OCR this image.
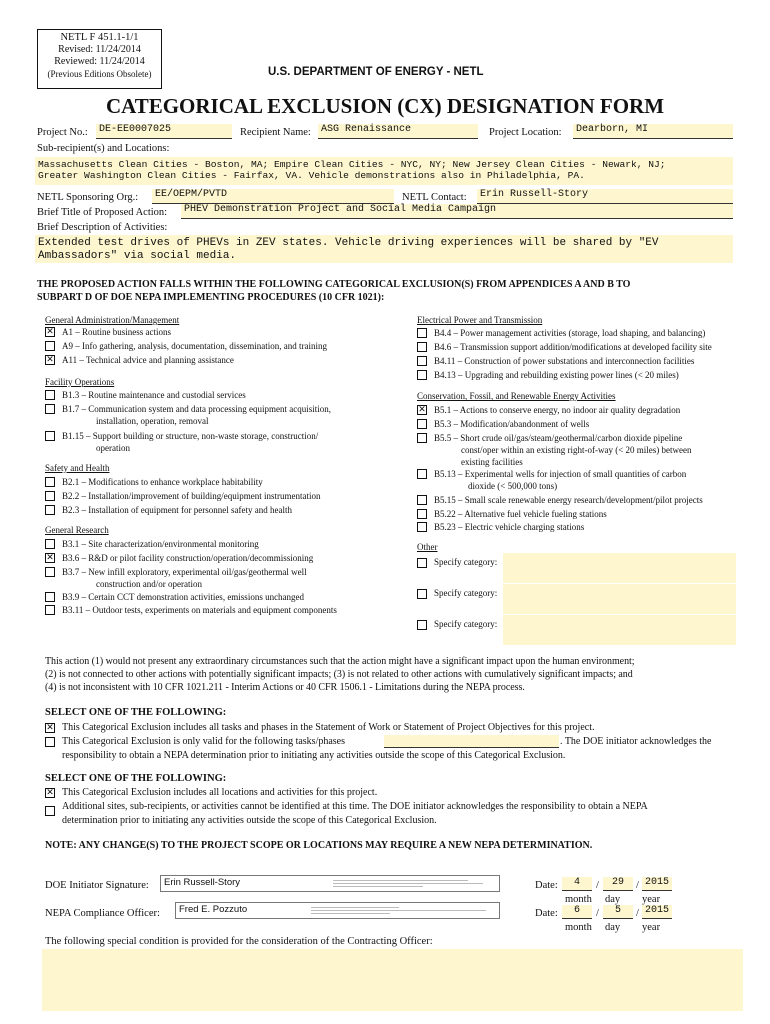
NETL F 451.1-1/1
Revised: 11/24/2014
Reviewed: 11/24/2014
(Previous Editions Obsolete)	U.S. DEPARTMENT OF ENERGY - NETL
CATEGORICAL EXCLUSION (CX) DESIGNATION FORM
Project No.:	DE-EE0007025	Recipient Name:	ASG Renaissance	Project Location:	Dearborn, MI
Sub-recipient(s) and Locations:
Massachusetts Clean Cities - Boston, MA; Empire Clean Cities - NYC, NY; New Jersey Clean Cities - Newark, NJ;
Greater Washington Clean Cities - Fairfax, VA. Vehicle demonstrations also in Philadelphia, PA.
NETL Sponsoring Org.:	EE/OEPM/PVTD	NETL Contact:	Erin Russell-Story
Brief Title of Proposed Action:	PHEV Demonstration Project and Social Media Campaign
Brief Description of Activities:
Extended test drives of PHEVs in ZEV states. Vehicle driving experiences will be shared by "EV
Ambassadors" via social media.
THE PROPOSED ACTION FALLS WITHIN THE FOLLOWING CATEGORICAL EXCLUSION(S) FROM APPENDICES A AND B TO
SUBPART D OF DOE NEPA IMPLEMENTING PROCEDURES (10 CFR 1021):
General Administration/Management
✕
A1 – Routine business actions
A9 – Info gathering, analysis, documentation, dissemination, and training
✕
A11 – Technical advice and planning assistance
Facility Operations
B1.3 – Routine maintenance and custodial services
B1.7 – Communication system and data processing equipment acquisition,
installation, operation, removal
B1.15 – Support building or structure, non-waste storage, construction/
operation
Safety and Health
B2.1 – Modifications to enhance workplace habitability
B2.2 – Installation/improvement of building/equipment instrumentation
B2.3 – Installation of equipment for personnel safety and health
General Research
B3.1 – Site characterization/environmental monitoring
✕
B3.6 – R&D or pilot facility construction/operation/decommissioning
B3.7 – New infill exploratory, experimental oil/gas/geothermal well
construction and/or operation
B3.9 – Certain CCT demonstration activities, emissions unchanged
B3.11 – Outdoor tests, experiments on materials and equipment components
Electrical Power and Transmission
B4.4 – Power management activities (storage, load shaping, and balancing)
B4.6 – Transmission support addition/modifications at developed facility site
B4.11 – Construction of power substations and interconnection facilities
B4.13 – Upgrading and rebuilding existing power lines (< 20 miles)
Conservation, Fossil, and Renewable Energy Activities
✕
B5.1 – Actions to conserve energy, no indoor air quality degradation
B5.3 – Modification/abandonment of wells
B5.5 – Short crude oil/gas/steam/geothermal/carbon dioxide pipeline
const/oper within an existing right-of-way (< 20 miles) between
existing facilities
B5.13 – Experimental wells for injection of small quantities of carbon
dioxide (< 500,000 tons)
B5.15 – Small scale renewable energy research/development/pilot projects
B5.22 – Alternative fuel vehicle fueling stations
B5.23 – Electric vehicle charging stations
Other
Specify category:
Specify category:
Specify category:
This action (1) would not present any extraordinary circumstances such that the action might have a significant impact upon the human environment;
(2) is not connected to other actions with potentially significant impacts; (3) is not related to other actions with cumulatively significant impacts; and
(4) is not inconsistent with 10 CFR 1021.211 - Interim Actions or 40 CFR 1506.1 - Limitations during the NEPA process.
SELECT ONE OF THE FOLLOWING:
✕
This Categorical Exclusion includes all tasks and phases in the Statement of Work or Statement of Project Objectives for this project.
This Categorical Exclusion is only valid for the following tasks/phases	. The DOE initiator acknowledges the
responsibility to obtain a NEPA determination prior to initiating any activities outside the scope of this Categorical Exclusion.
SELECT ONE OF THE FOLLOWING:
✕
This Categorical Exclusion includes all locations and activities for this project.
Additional sites, sub-recipients, or activities cannot be identified at this time. The DOE initiator acknowledges the responsibility to obtain a NEPA
determination prior to initiating any activities outside the scope of this Categorical Exclusion.
NOTE: ANY CHANGE(S) TO THE PROJECT SCOPE OR LOCATIONS MAY REQUIRE A NEW NEPA DETERMINATION.
DOE Initiator Signature: Erin Russell-Story	Date:	4	/	29	/ 2015
month day year
NEPA Compliance Officer: Fred E. Pozzuto	Date:	6	/	5	/ 2015
month day year
The following special condition is provided for the consideration of the Contracting Officer:
